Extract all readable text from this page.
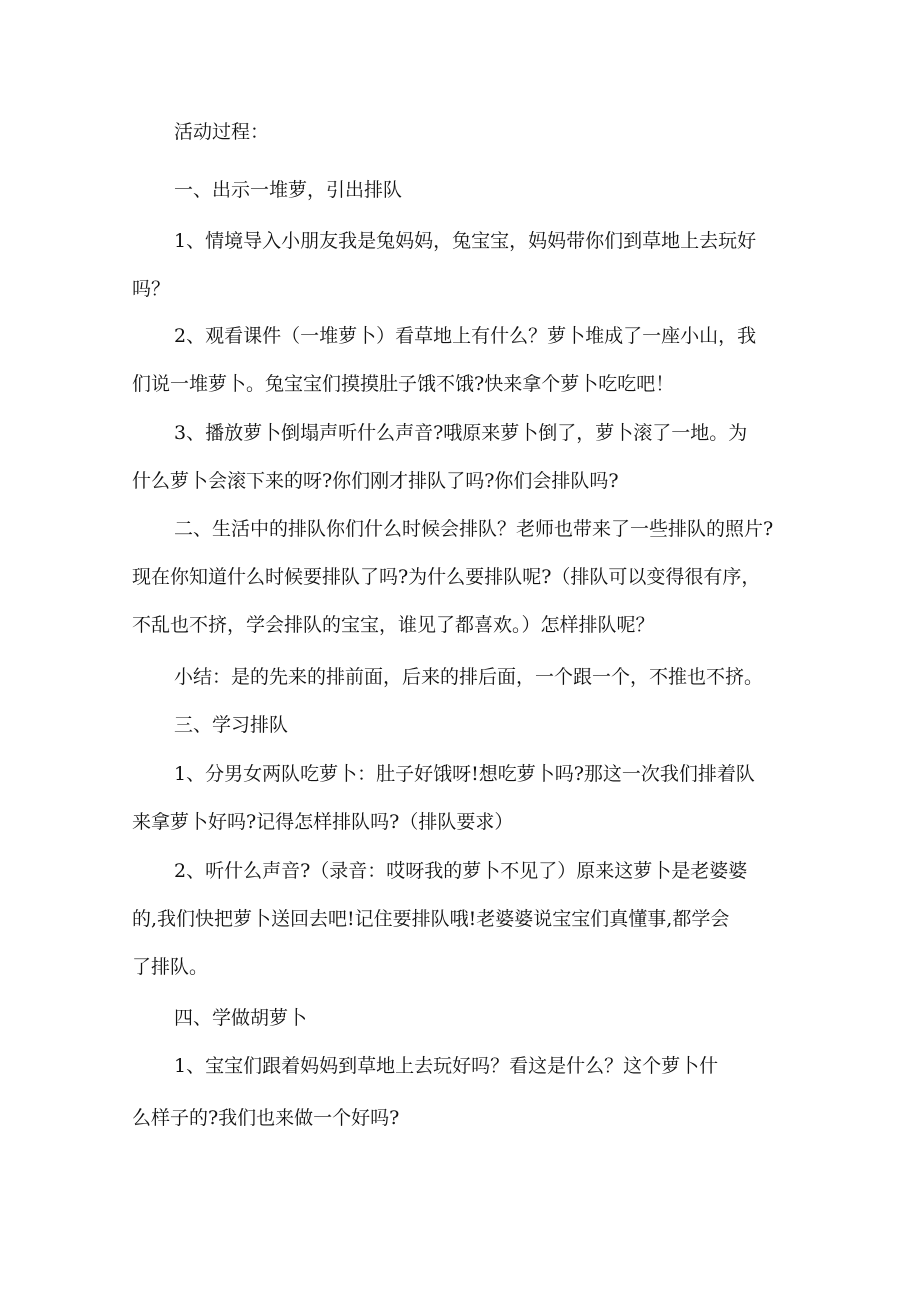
活动过程：

一、出示一堆萝，引出排队

1、情境导入小朋友我是兔妈妈，兔宝宝，妈妈带你们到草地上去玩好
吗？

2、观看课件（一堆萝卜）看草地上有什么？萝卜堆成了一座小山，我
们说一堆萝卜。兔宝宝们摸摸肚子饿不饿?快来拿个萝卜吃吃吧！

3、播放萝卜倒塌声听什么声音?哦原来萝卜倒了，萝卜滚了一地。为
什么萝卜会滚下来的呀?你们刚才排队了吗?你们会排队吗?

二、生活中的排队你们什么时候会排队？老师也带来了一些排队的照片?
现在你知道什么时候要排队了吗?为什么要排队呢?（排队可以变得很有序，
不乱也不挤，学会排队的宝宝，谁见了都喜欢。）怎样排队呢？

小结：是的先来的排前面，后来的排后面，一个跟一个，不推也不挤。

三、学习排队

1、分男女两队吃萝卜：肚子好饿呀!想吃萝卜吗?那这一次我们排着队
来拿萝卜好吗?记得怎样排队吗?（排队要求）

2、听什么声音?（录音：哎呀我的萝卜不见了）原来这萝卜是老婆婆
的,我们快把萝卜送回去吧!记住要排队哦!老婆婆说宝宝们真懂事,都学会
了排队。

四、学做胡萝卜

1、宝宝们跟着妈妈到草地上去玩好吗？看这是什么？这个萝卜什
么样子的?我们也来做一个好吗?
